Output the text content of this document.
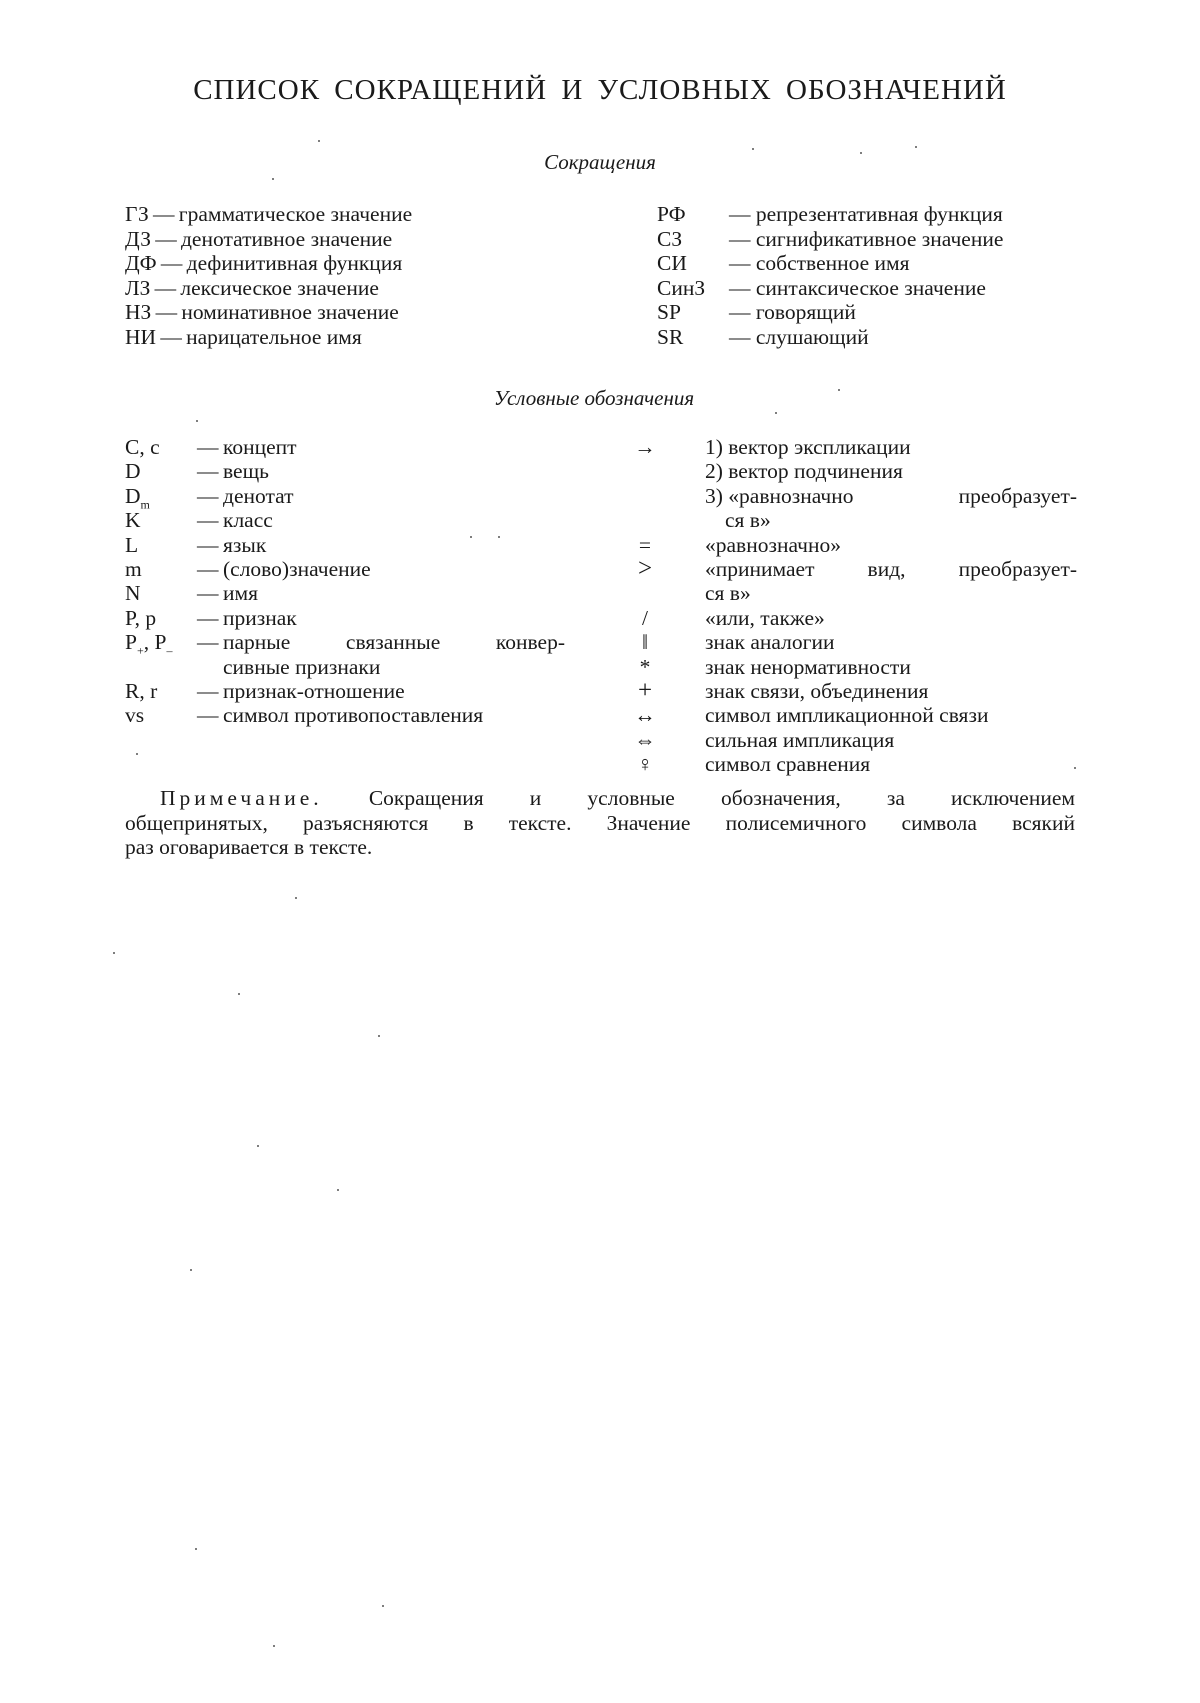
СПИСОК СОКРАЩЕНИЙ И УСЛОВНЫХ ОБОЗНАЧЕНИЙ
Сокращения
ГЗ — грамматическое значение
ДЗ — денотативное значение
ДФ — дефинитивная функция
ЛЗ — лексическое значение
НЗ — номинативное значение
НИ — нарицательное имя
РФ — репрезентативная функция
СЗ — сигнификативное значение
СИ — собственное имя
СинЗ — синтаксическое значение
SP — говорящий
SR — слушающий
Условные обозначения
C, c — концепт
D	— вещь
$D_m$ — денотат
K	— класс
L	— язык
m	— (слово)значение
N	— имя
P, p — признак
$P_+$, $P_-$ — парные	связанные	конвер-
сивные признаки
R, r — признак-отношение
vs — символ противопоставления
→	1) вектор экспликации
2) вектор подчинения
3) «равнозначно	преобразует-
ся в»
=	«равнозначно»
>	«принимает вид, преобразует-
ся в»
/	«или, также»
‖	знак аналогии
*	знак ненормативности
+	знак связи, объединения
↔	символ импликационной связи
⇔	сильная импликация
♀	символ сравнения
Примечание. Сокращения и условные обозначения, за исключением
общепринятых, разъясняются в тексте. Значение полисемичного символа всякий
раз оговаривается в тексте.
